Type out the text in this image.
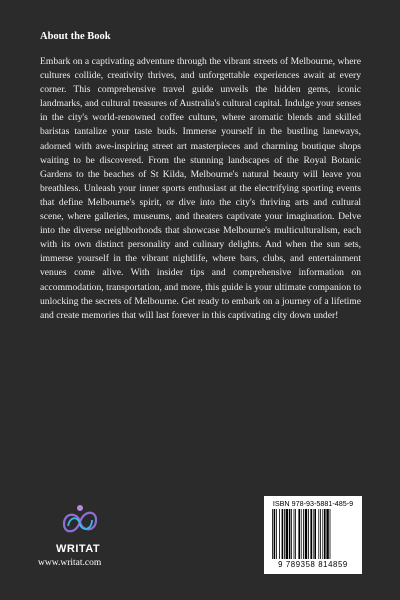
About the Book

Embark on a captivating adventure through the vibrant streets of Melbourne, where cultures collide, creativity thrives, and unforgettable experiences await at every corner. This comprehensive travel guide unveils the hidden gems, iconic landmarks, and cultural treasures of Australia's cultural capital. Indulge your senses in the city's world-renowned coffee culture, where aromatic blends and skilled baristas tantalize your taste buds. Immerse yourself in the bustling laneways, adorned with awe-inspiring street art masterpieces and charming boutique shops waiting to be discovered. From the stunning landscapes of the Royal Botanic Gardens to the beaches of St Kilda, Melbourne's natural beauty will leave you breathless. Unleash your inner sports enthusiast at the electrifying sporting events that define Melbourne's spirit, or dive into the city's thriving arts and cultural scene, where galleries, museums, and theaters captivate your imagination. Delve into the diverse neighborhoods that showcase Melbourne's multiculturalism, each with its own distinct personality and culinary delights. And when the sun sets, immerse yourself in the vibrant nightlife, where bars, clubs, and entertainment venues come alive. With insider tips and comprehensive information on accommodation, transportation, and more, this guide is your ultimate companion to unlocking the secrets of Melbourne. Get ready to embark on a journey of a lifetime and create memories that will last forever in this captivating city down under!

WRITAT
www.writat.com
ISBN 978-93-5881-485-9
9 789358 814859
